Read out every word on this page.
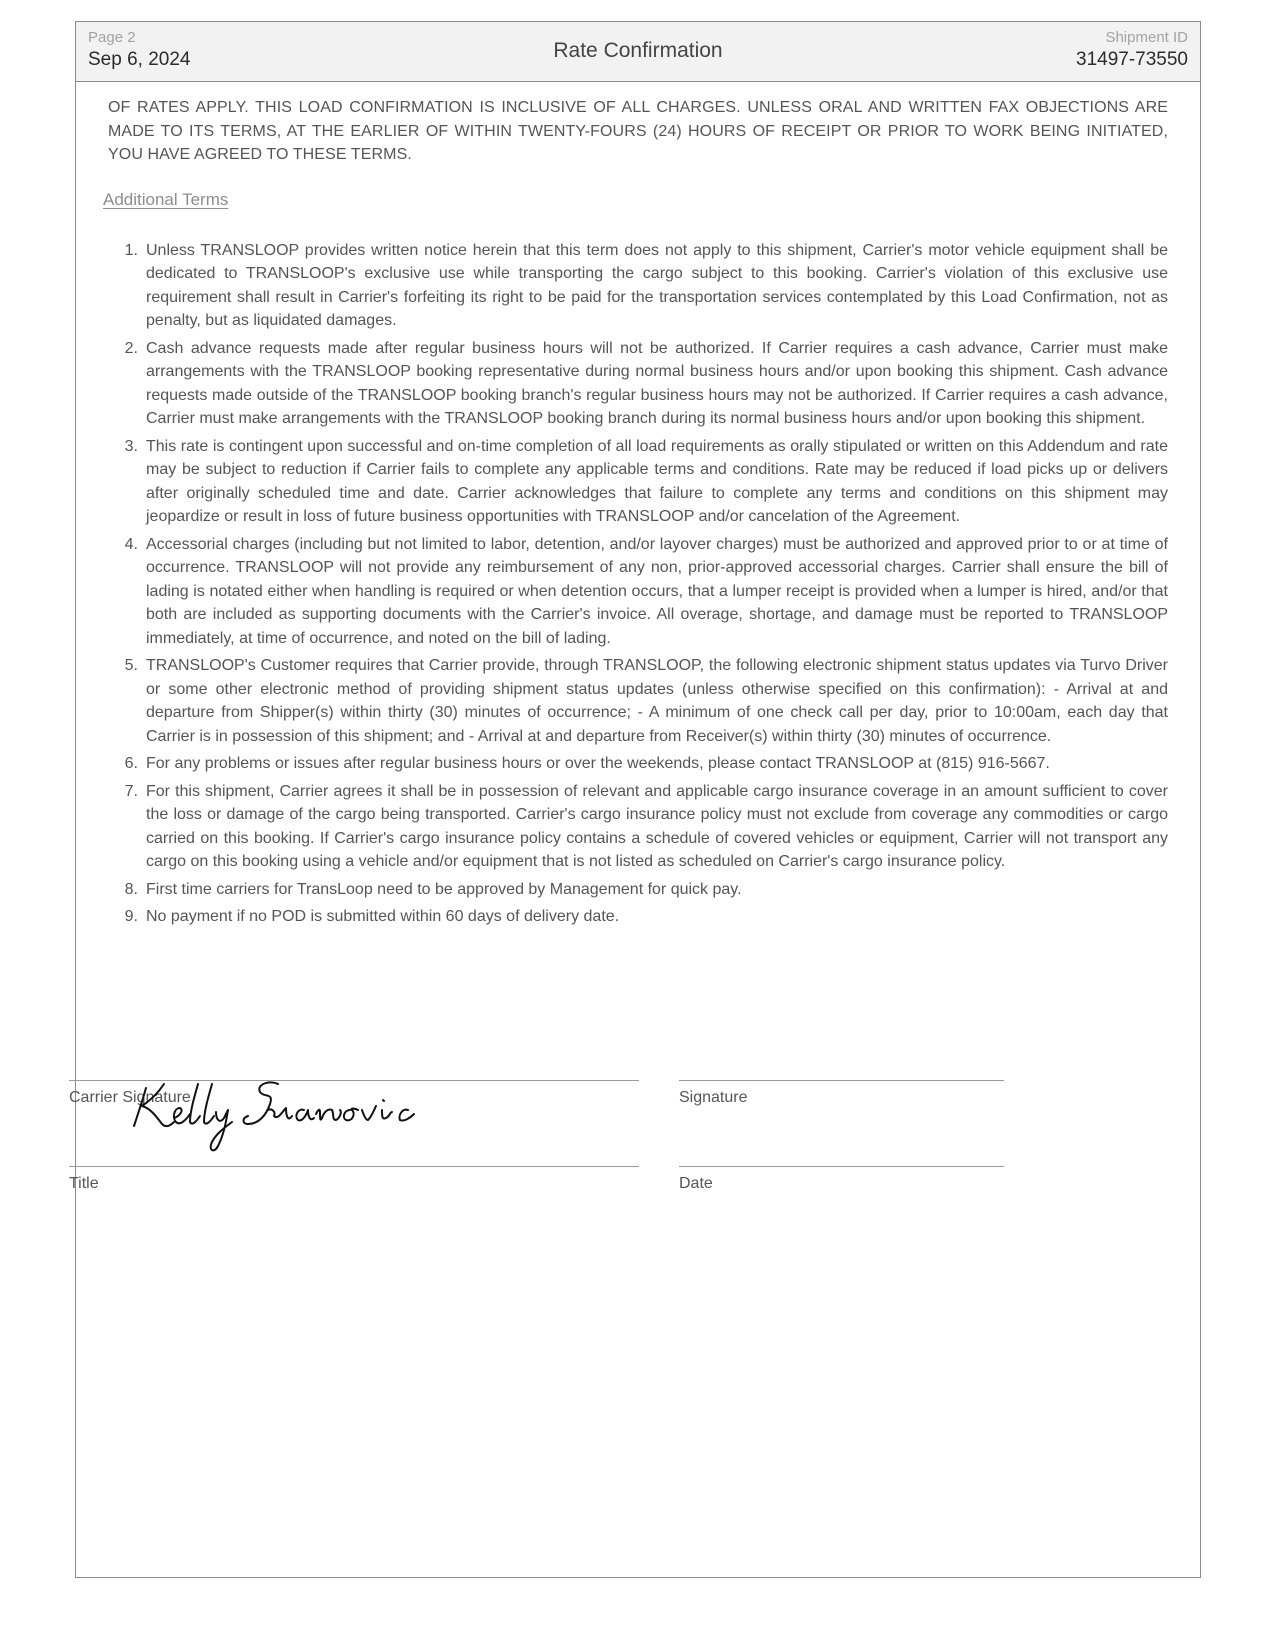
Page 2
Sep 6, 2024	Rate Confirmation
Shipment ID
31497-73550

OF RATES APPLY. THIS LOAD CONFIRMATION IS INCLUSIVE OF ALL CHARGES. UNLESS ORAL AND WRITTEN FAX OBJECTIONS ARE MADE TO ITS TERMS, AT THE EARLIER OF WITHIN TWENTY-FOURS (24) HOURS OF RECEIPT OR PRIOR TO WORK BEING INITIATED, YOU HAVE AGREED TO THESE TERMS.

Additional Terms
1. Unless TRANSLOOP provides written notice herein that this term does not apply to this shipment, Carrier's motor vehicle equipment shall be dedicated to TRANSLOOP's exclusive use while transporting the cargo subject to this booking. Carrier's violation of this exclusive use requirement shall result in Carrier's forfeiting its right to be paid for the transportation services contemplated by this Load Confirmation, not as penalty, but as liquidated damages.
2. Cash advance requests made after regular business hours will not be authorized. If Carrier requires a cash advance, Carrier must make arrangements with the TRANSLOOP booking representative during normal business hours and/or upon booking this shipment. Cash advance requests made outside of the TRANSLOOP booking branch's regular business hours may not be authorized. If Carrier requires a cash advance, Carrier must make arrangements with the TRANSLOOP booking branch during its normal business hours and/or upon booking this shipment.
3. This rate is contingent upon successful and on-time completion of all load requirements as orally stipulated or written on this Addendum and rate may be subject to reduction if Carrier fails to complete any applicable terms and conditions. Rate may be reduced if load picks up or delivers after originally scheduled time and date. Carrier acknowledges that failure to complete any terms and conditions on this shipment may jeopardize or result in loss of future business opportunities with TRANSLOOP and/or cancelation of the Agreement.
4. Accessorial charges (including but not limited to labor, detention, and/or layover charges) must be authorized and approved prior to or at time of occurrence. TRANSLOOP will not provide any reimbursement of any non, prior-approved accessorial charges. Carrier shall ensure the bill of lading is notated either when handling is required or when detention occurs, that a lumper receipt is provided when a lumper is hired, and/or that both are included as supporting documents with the Carrier's invoice. All overage, shortage, and damage must be reported to TRANSLOOP immediately, at time of occurrence, and noted on the bill of lading.
5. TRANSLOOP's Customer requires that Carrier provide, through TRANSLOOP, the following electronic shipment status updates via Turvo Driver or some other electronic method of providing shipment status updates (unless otherwise specified on this confirmation): - Arrival at and departure from Shipper(s) within thirty (30) minutes of occurrence; - A minimum of one check call per day, prior to 10:00am, each day that Carrier is in possession of this shipment; and - Arrival at and departure from Receiver(s) within thirty (30) minutes of occurrence.
6. For any problems or issues after regular business hours or over the weekends, please contact TRANSLOOP at (815) 916-5667.
7. For this shipment, Carrier agrees it shall be in possession of relevant and applicable cargo insurance coverage in an amount sufficient to cover the loss or damage of the cargo being transported. Carrier's cargo insurance policy must not exclude from coverage any commodities or cargo carried on this booking. If Carrier's cargo insurance policy contains a schedule of covered vehicles or equipment, Carrier will not transport any cargo on this booking using a vehicle and/or equipment that is not listed as scheduled on Carrier's cargo insurance policy.
8. First time carriers for TransLoop need to be approved by Management for quick pay.
9. No payment if no POD is submitted within 60 days of delivery date.
Carrier Signature	Signature
Title	Date
